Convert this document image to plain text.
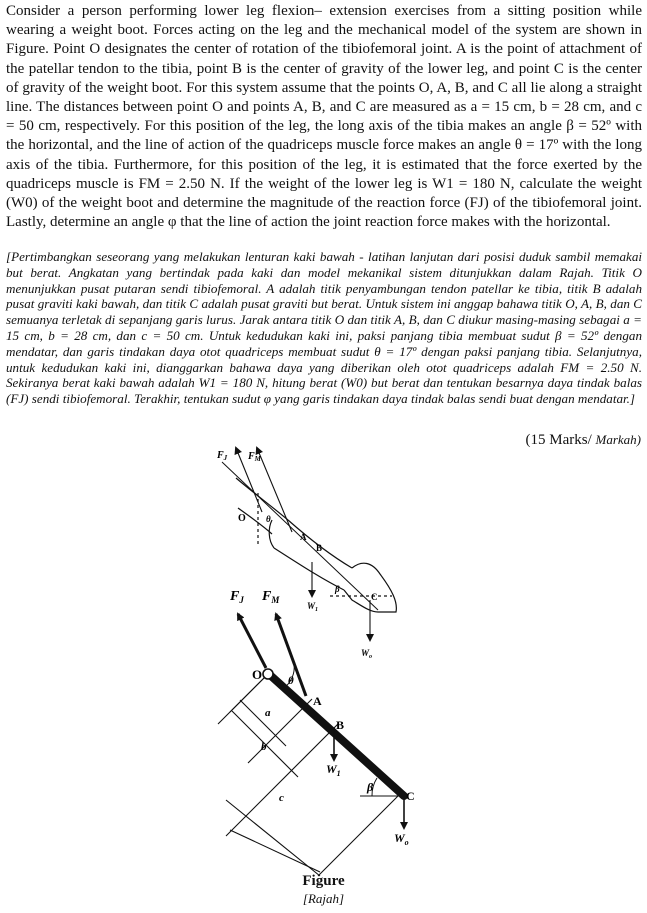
Consider a person performing lower leg flexion– extension exercises from a sitting position while wearing a weight boot. Forces acting on the leg and the mechanical model of the system are shown in Figure. Point O designates the center of rotation of the tibiofemoral joint. A is the point of attachment of the patellar tendon to the tibia, point B is the center of gravity of the lower leg, and point C is the center of gravity of the weight boot. For this system assume that the points O, A, B, and C all lie along a straight line. The distances between point O and points A, B, and C are measured as a = 15 cm, b = 28 cm, and c = 50 cm, respectively. For this position of the leg, the long axis of the tibia makes an angle β = 52º with the horizontal, and the line of action of the quadriceps muscle force makes an angle θ = 17º with the long axis of the tibia. Furthermore, for this position of the leg, it is estimated that the force exerted by the quadriceps muscle is FM = 2.50 N. If the weight of the lower leg is W1 = 180 N, calculate the weight (W0) of the weight boot and determine the magnitude of the reaction force (FJ) of the tibiofemoral joint. Lastly, determine an angle φ that the line of action the joint reaction force makes with the horizontal.
[Pertimbangkan seseorang yang melakukan lenturan kaki bawah - latihan lanjutan dari posisi duduk sambil memakai but berat. Angkatan yang bertindak pada kaki dan model mekanikal sistem ditunjukkan dalam Rajah. Titik O menunjukkan pusat putaran sendi tibiofemoral. A adalah titik penyambungan tendon patellar ke tibia, titik B adalah pusat graviti kaki bawah, dan titik C adalah pusat graviti but berat. Untuk sistem ini anggap bahawa titik O, A, B, dan C semuanya terletak di sepanjang garis lurus. Jarak antara titik O dan titik A, B, dan C diukur masing-masing sebagai a = 15 cm, b = 28 cm, dan c = 50 cm. Untuk kedudukan kaki ini, paksi panjang tibia membuat sudut β = 52º dengan mendatar, dan garis tindakan daya otot quadriceps membuat sudut θ = 17º dengan paksi panjang tibia. Selanjutnya, untuk kedudukan kaki ini, dianggarkan bahawa daya yang diberikan oleh otot quadriceps adalah FM = 2.50 N. Sekiranya berat kaki bawah adalah W1 = 180 N, hitung berat (W0) but berat dan tentukan besarnya daya tindak balas (FJ) sendi tibiofemoral. Terakhir, tentukan sudut φ yang garis tindakan daya tindak balas sendi buat dengan mendatar.]
(15 Marks/ Markah)
$F_J$ $F_M$
O θ
A
B
$W_1$
β
C
$W_o$
$F_J$ $F_M$
O θ
A
B
$W_1$
β
C
$W_o$
a
b
c
Figure
[Rajah]
